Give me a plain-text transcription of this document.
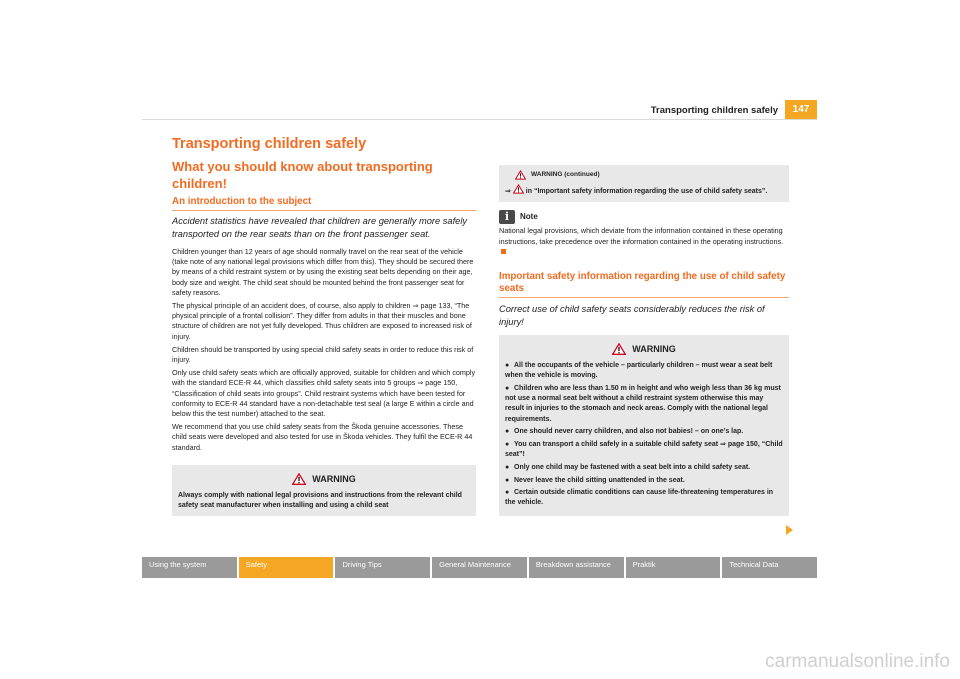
Transporting children safely	147
Transporting children safely
What you should know about transporting children!
An introduction to the subject
Accident statistics have revealed that children are generally more safely transported on the rear seats than on the front passenger seat.

Children younger than 12 years of age should normally travel on the rear seat of the vehicle (take note of any national legal provisions which differ from this). They should be secured there by means of a child restraint system or by using the existing seat belts depending on their age, body size and weight. The child seat should be mounted behind the front passenger seat for safety reasons.

The physical principle of an accident does, of course, also apply to children ⇒ page 133, “The physical principle of a frontal collision”. They differ from adults in that their muscles and bone structure of children are not yet fully developed. Thus children are exposed to increased risk of injury.

Children should be transported by using special child safety seats in order to reduce this risk of injury.

Only use child safety seats which are officially approved, suitable for children and which comply with the standard ECE-R 44, which classifies child safety seats into 5 groups ⇒ page 150, “Classification of child seats into groups”. Child restraint systems which have been tested for conformity to ECE-R 44 standard have a non-detachable test seal (a large E within a circle and below this the test number) attached to the seat.

We recommend that you use child safety seats from the Škoda genuine accessories. These child seats were developed and also tested for use in Škoda vehicles. They fulfil the ECE-R 44 standard.

WARNING
Always comply with national legal provisions and instructions from the relevant child safety seat manufacturer when installing and using a child seat
WARNING (continued)
⇒ in “Important safety information regarding the use of child safety seats”.
i	Note

National legal provisions, which deviate from the information contained in these operating instructions, take precedence over the information contained in the operating instructions.

Important safety information regarding the use of child safety seats
Correct use of child safety seats considerably reduces the risk of injury!
WARNING
● All the occupants of the vehicle – particularly children – must wear a seat belt when the vehicle is moving.
● Children who are less than 1.50 m in height and who weigh less than 36 kg must not use a normal seat belt without a child restraint system otherwise this may result in injuries to the stomach and neck areas. Comply with the national legal requirements.
● One should never carry children, and also not babies! – on one’s lap.
● You can transport a child safely in a suitable child safety seat ⇒ page 150, “Child seat”!
● Only one child may be fastened with a seat belt into a child safety seat.
● Never leave the child sitting unattended in the seat.
● Certain outside climatic conditions can cause life-threatening temperatures in the vehicle.
Using the system	Safety	Driving Tips	General Maintenance	Breakdown assistance	Praktik	Technical Data
carmanualsonline.info
